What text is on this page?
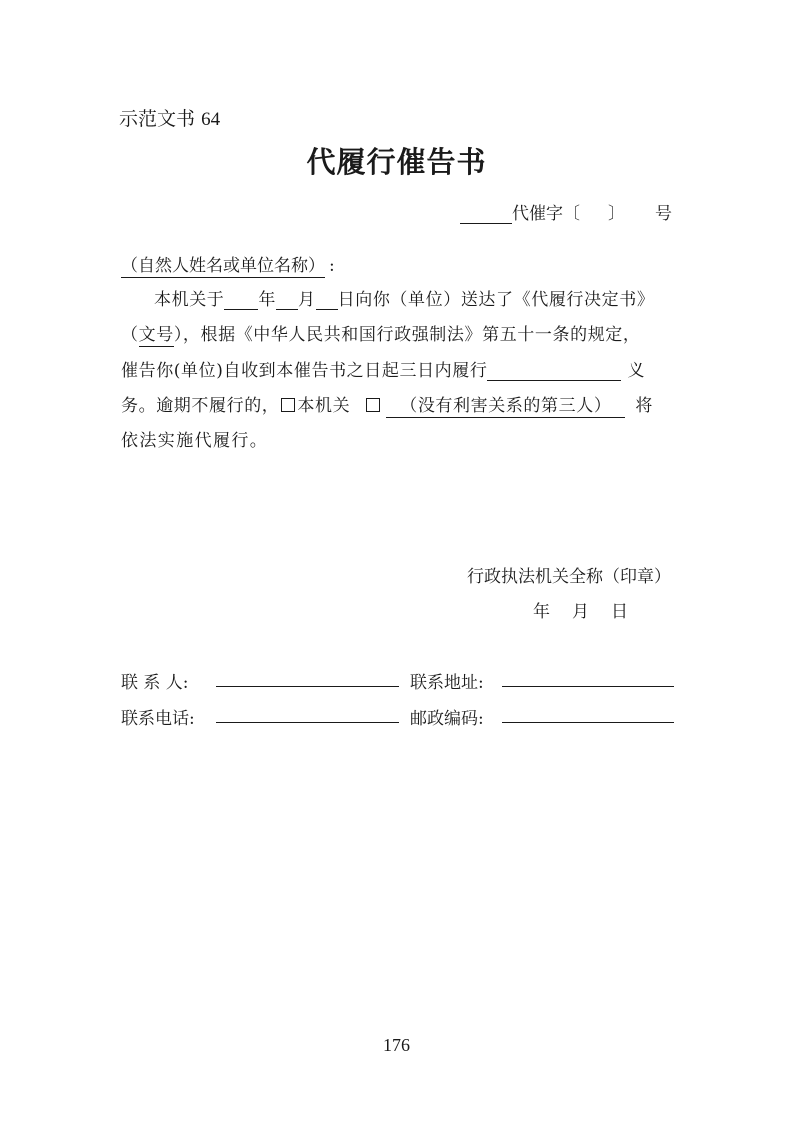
示范文书 64
代履行催告书
代催字〔 〕 号
（自然人姓名或单位名称） :
本机关于 年 月 日向你（单位）送达了《代履行决定书》
（文号），根据《中华人民共和国行政强制法》第五十一条的规定，
催告你(单位)自收到本催告书之日起三日内履行	义
务。逾期不履行的， 本机关	（没有利害关系的第三人） 将
依法实施代履行。
行政执法机关全称（印章）
年 月 日
联 系 人:	联系地址:
联系电话:	邮政编码:
176
